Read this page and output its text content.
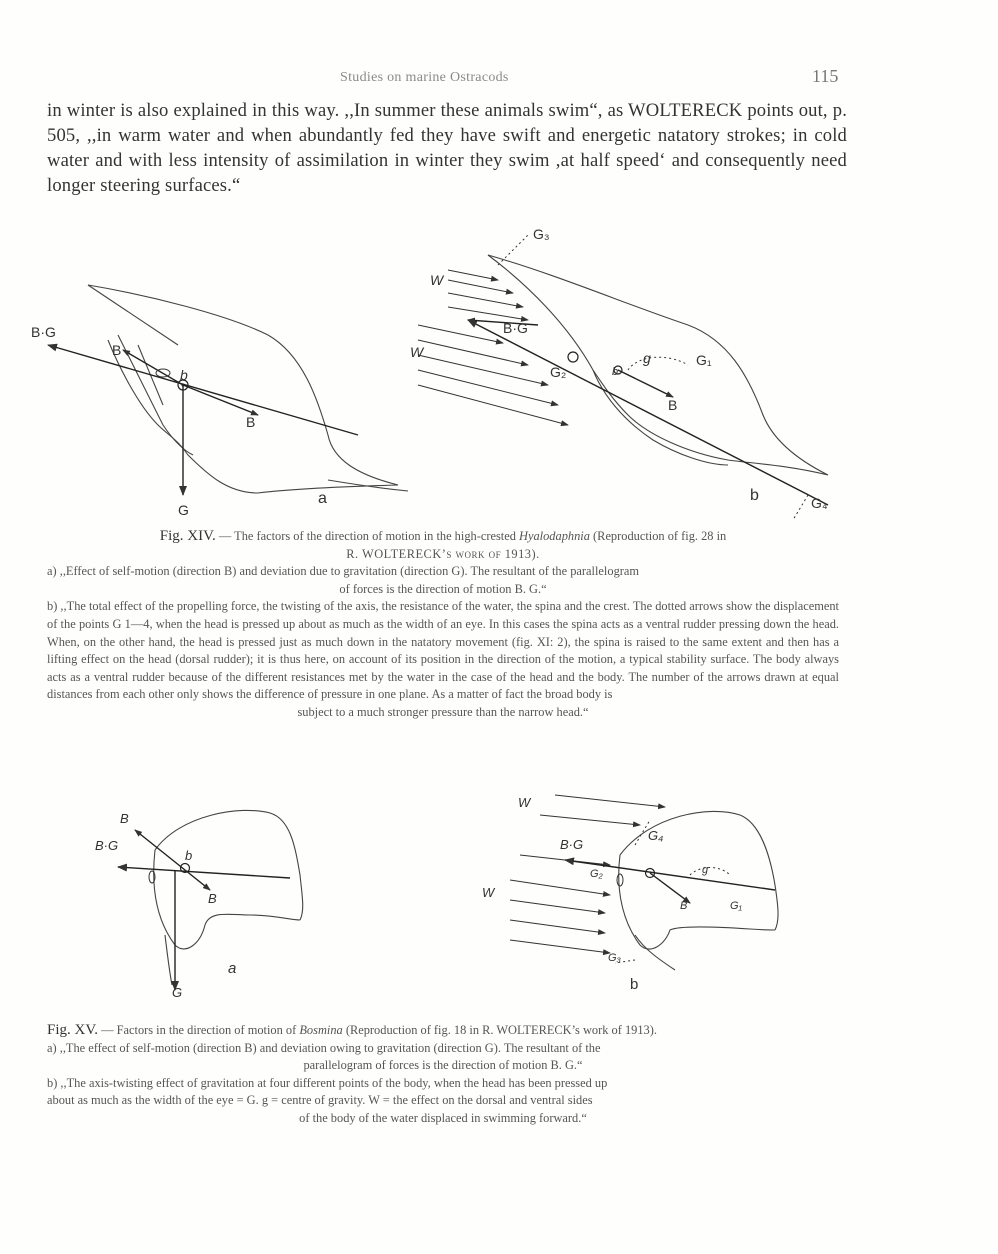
Studies on marine Ostracods	115

in winter is also explained in this way. ,,In summer these animals swim“, as WOLTERECK points out, p. 505, ,,in warm water and when abundantly fed they have swift and energetic natatory strokes; in cold water and with less intensity of assimilation in winter they swim ,at half speed‘ and consequently need longer steering surfaces.“

B·G
B
b
B
G
a
G₃
W
B·G
W
G₂
g	G₁
b
B
b	G₄

Fig. XIV. — The factors of the direction of motion in the high-crested Hyalodaphnia (Reproduction of fig. 28 in

R. WOLTERECK’s work of 1913).

a) ,,Effect of self-motion (direction B) and deviation due to gravitation (direction G). The resultant of the parallelogram

of forces is the direction of motion B. G.“

b) ,,The total effect of the propelling force, the twisting of the axis, the resistance of the water, the spina and the crest. The dotted arrows show the displacement of the points G 1—4, when the head is pressed up about as much as the width of an eye. In this cases the spina acts as a ventral rudder pressing down the head. When, on the other hand, the head is pressed just as much down in the natatory movement (fig. XI: 2), the spina is raised to the same extent and then has a lifting effect on the head (dorsal rudder); it is thus here, on account of its position in the direction of the motion, a typical stability surface. The body always acts as a ventral rudder because of the different resistances met by the water in the case of the head and the body. The number of the arrows drawn at equal distances from each other only shows the difference of pressure in one plane. As a matter of fact the broad body is

subject to a much stronger pressure than the narrow head.“

B
B·G
b
B
a
G
W
B·G
G₄
G₂	g
B	G₁
W
G₃
b

Fig. XV. — Factors in the direction of motion of Bosmina (Reproduction of fig. 18 in R. WOLTERECK’s work of 1913).

a) ,,The effect of self-motion (direction B) and deviation owing to gravitation (direction G). The resultant of the

parallelogram of forces is the direction of motion B. G.“

b) ,,The axis-twisting effect of gravitation at four different points of the body, when the head has been pressed up

about as much as the width of the eye = G. g = centre of gravity. W = the effect on the dorsal and ventral sides

of the body of the water displaced in swimming forward.“
